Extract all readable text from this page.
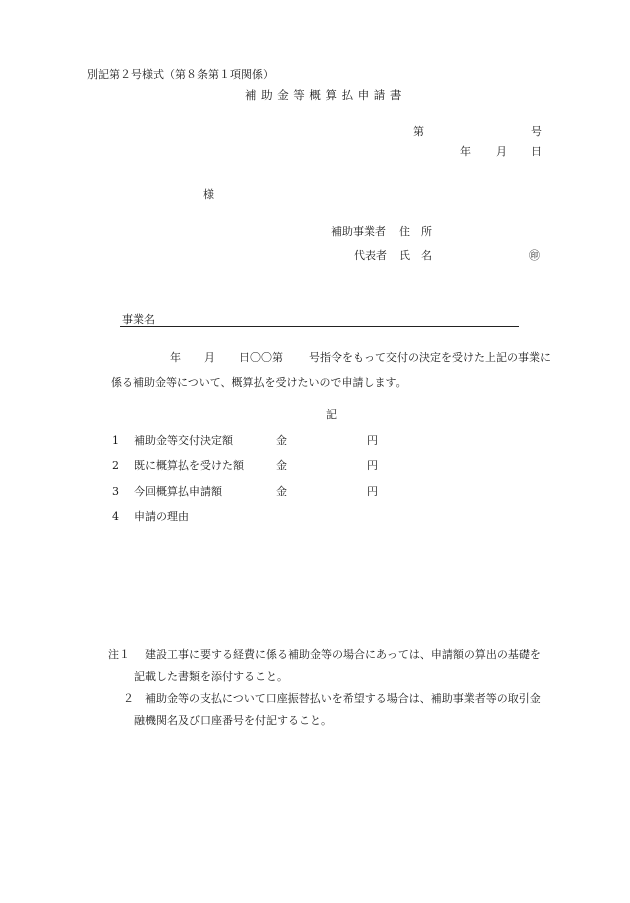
別記第２号様式（第８条第１項関係）
補助金等概算払申請書
第	号
年 月 日
様
補助事業者 住　所
代表者 氏　名	㊞
事業名
年 月 日〇〇第 号指令をもって交付の決定を受けた上記の事業に
係る補助金等について、概算払を受けたいので申請します。
記
1 補助金等交付決定額	金	円
2 既に概算払を受けた額	金	円
3 今回概算払申請額	金	円
4 申請の理由
注１ 建設工事に要する経費に係る補助金等の場合にあっては、申請額の算出の基礎を
記載した書類を添付すること。
２ 補助金等の支払について口座振替払いを希望する場合は、補助事業者等の取引金
融機関名及び口座番号を付記すること。
